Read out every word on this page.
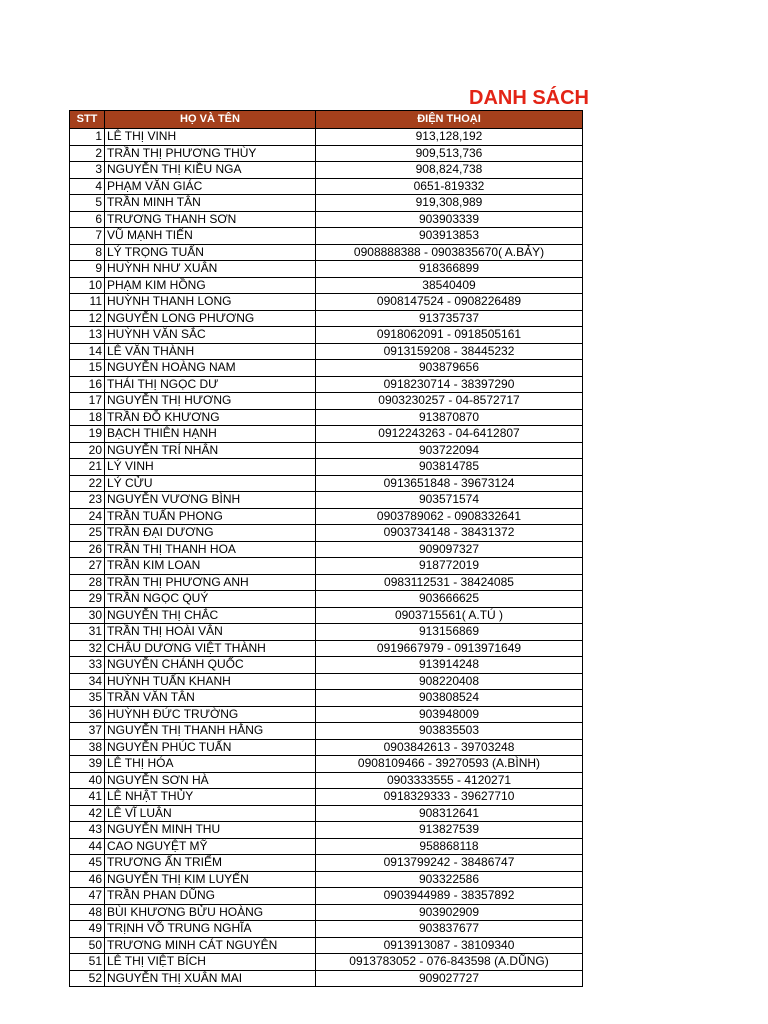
DANH SÁCH
STT	HỌ VÀ TÊN	ĐIỆN THOẠI
1	LÊ THỊ VINH	913,128,192
2	TRẦN THỊ PHƯƠNG THÙY	909,513,736
3	NGUYỄN THỊ KIỀU NGA	908,824,738
4	PHẠM VĂN GIÁC	0651-819332
5	TRẦN MINH TÂN	919,308,989
6	TRƯƠNG THANH SƠN	903903339
7	VŨ MẠNH TIẾN	903913853
8	LÝ TRỌNG TUẤN	0908888388 - 0903835670( A.BẢY)
9	HUỲNH NHƯ XUÂN	918366899
10	PHẠM KIM HỒNG	38540409
11	HUỲNH THANH LONG	0908147524 - 0908226489
12	NGUYỄN LONG PHƯƠNG	913735737
13	HUỲNH VĂN SẮC	0918062091 - 0918505161
14	LÊ VĂN THÀNH	0913159208 - 38445232
15	NGUYỄN HOÀNG NAM	903879656
16	THÁI THỊ NGỌC DƯ	0918230714 - 38397290
17	NGUYỄN THỊ HƯƠNG	0903230257 - 04-8572717
18	TRẦN ĐỖ KHƯƠNG	913870870
19	BẠCH THIÊN HẠNH	0912243263 - 04-6412807
20	NGUYỄN TRÍ NHÂN	903722094
21	LÝ VINH	903814785
22	LÝ CỬU	0913651848 - 39673124
23	NGUYỄN VƯƠNG BÌNH	903571574
24	TRẦN TUẤN PHONG	0903789062 - 0908332641
25	TRẦN ĐẠI DƯƠNG	0903734148 - 38431372
26	TRẦN THỊ THANH HOA	909097327
27	TRẦN KIM LOAN	918772019
28	TRẦN THỊ PHƯƠNG ANH	0983112531 - 38424085
29	TRẦN NGỌC QUÝ	903666625
30	NGUYỄN THỊ CHẮC	0903715561( A.TÚ )
31	TRẦN THỊ HOÀI VÂN	913156869
32	CHÂU DƯƠNG VIỆT THÀNH	0919667979 - 0913971649
33	NGUYỄN CHÁNH QUỐC	913914248
34	HUỲNH TUẤN KHANH	908220408
35	TRẦN VĂN TÂN	903808524
36	HUỲNH ĐỨC TRƯỜNG	903948009
37	NGUYỄN THỊ THANH HẰNG	903835503
38	NGUYỄN PHÚC TUẤN	0903842613 - 39703248
39	LÊ THỊ HÓA	0908109466 - 39270593 (A.BÌNH)
40	NGUYỄN SƠN HÀ	0903333555 - 4120271
41	LÊ NHẬT THỦY	0918329333 - 39627710
42	LÊ VĨ LUÂN	908312641
43	NGUYỄN MINH THU	913827539
44	CAO NGUYỆT MỸ	958868118
45	TRƯƠNG ẤN TRIỂM	0913799242 - 38486747
46	NGUYỄN THỊ KIM LUYẾN	903322586
47	TRẦN PHAN DŨNG	0903944989 - 38357892
48	BÙI KHƯƠNG BỬU HOÀNG	903902909
49	TRỊNH VÕ TRUNG NGHĨA	903837677
50	TRƯƠNG MINH CÁT NGUYÊN	0913913087 - 38109340
51	LÊ THỊ VIỆT BÍCH	0913783052 - 076-843598 (A.DŨNG)
52	NGUYỄN THỊ XUÂN MAI	909027727
